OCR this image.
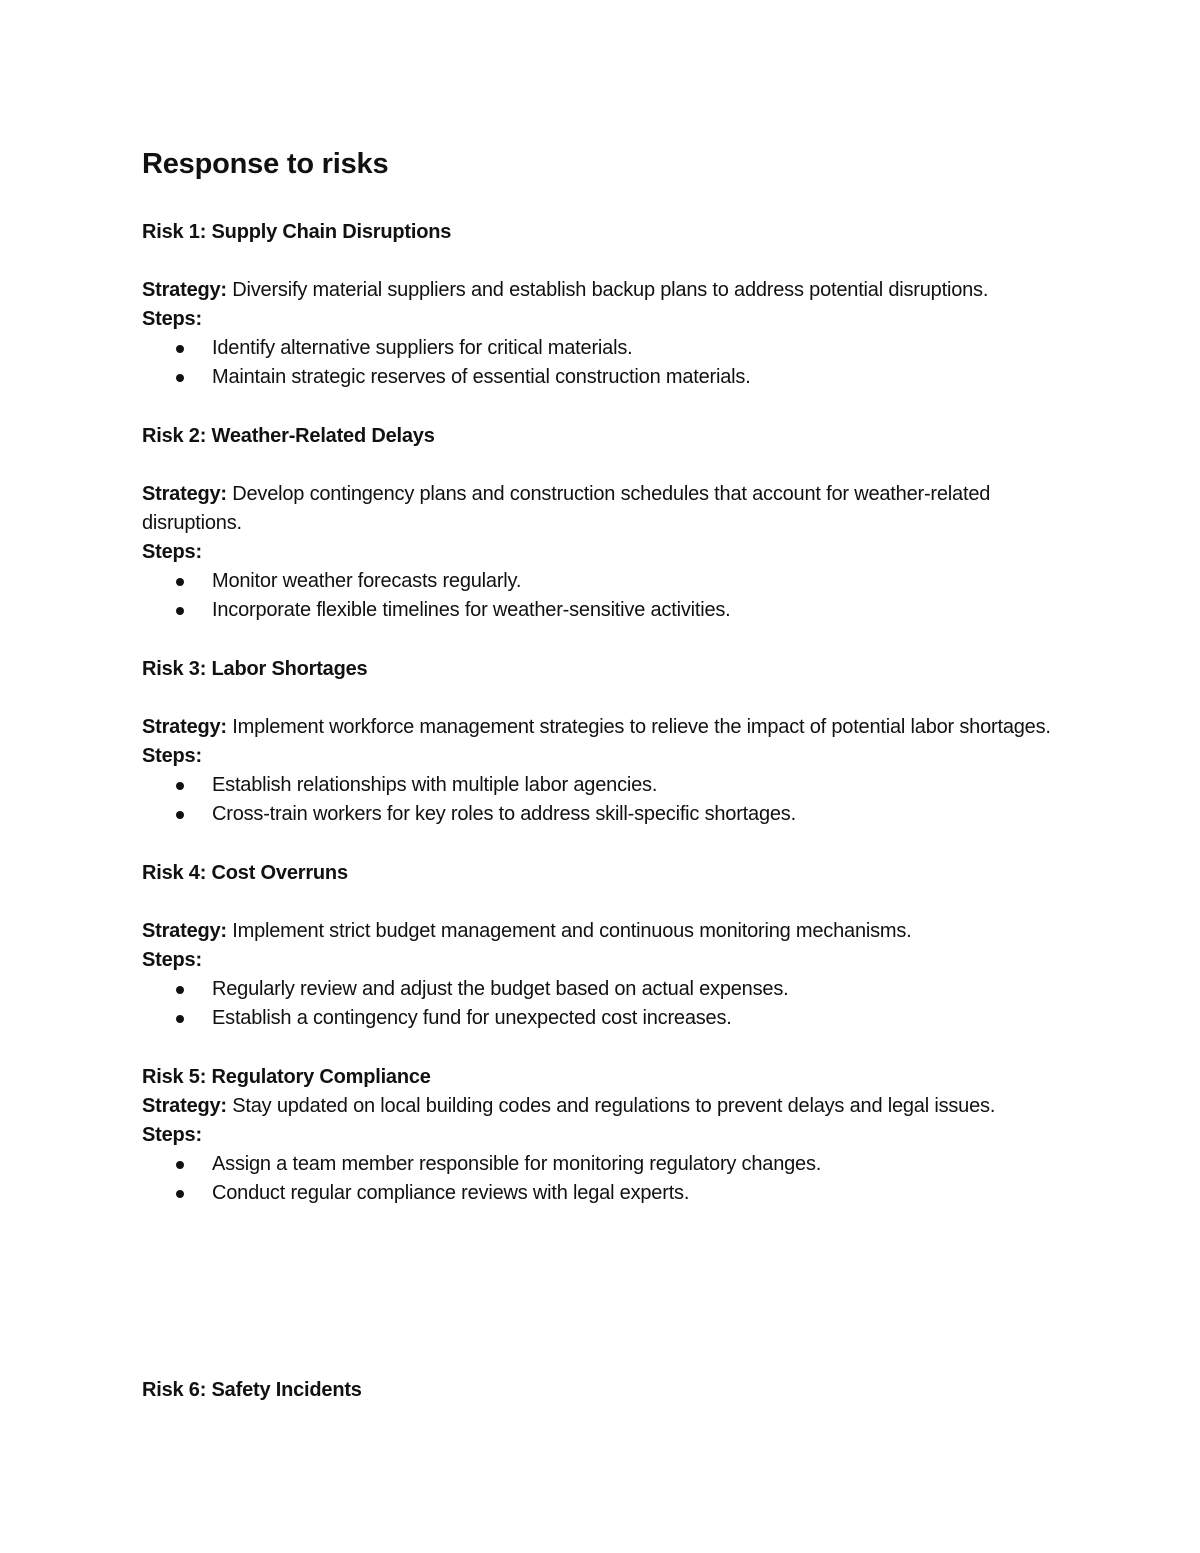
Response to risks
Risk 1: Supply Chain Disruptions

Strategy: Diversify material suppliers and establish backup plans to address potential disruptions.

Steps:

Identify alternative suppliers for critical materials.
Maintain strategic reserves of essential construction materials.
Risk 2: Weather-Related Delays

Strategy: Develop contingency plans and construction schedules that account for weather-related disruptions.

Steps:

Monitor weather forecasts regularly.
Incorporate flexible timelines for weather-sensitive activities.
Risk 3: Labor Shortages

Strategy: Implement workforce management strategies to relieve the impact of potential labor shortages.

Steps:

Establish relationships with multiple labor agencies.
Cross-train workers for key roles to address skill-specific shortages.
Risk 4: Cost Overruns

Strategy: Implement strict budget management and continuous monitoring mechanisms.

Steps:

Regularly review and adjust the budget based on actual expenses.
Establish a contingency fund for unexpected cost increases.
Risk 5: Regulatory Compliance

Strategy: Stay updated on local building codes and regulations to prevent delays and legal issues.

Steps:

Assign a team member responsible for monitoring regulatory changes.
Conduct regular compliance reviews with legal experts.
Risk 6: Safety Incidents
